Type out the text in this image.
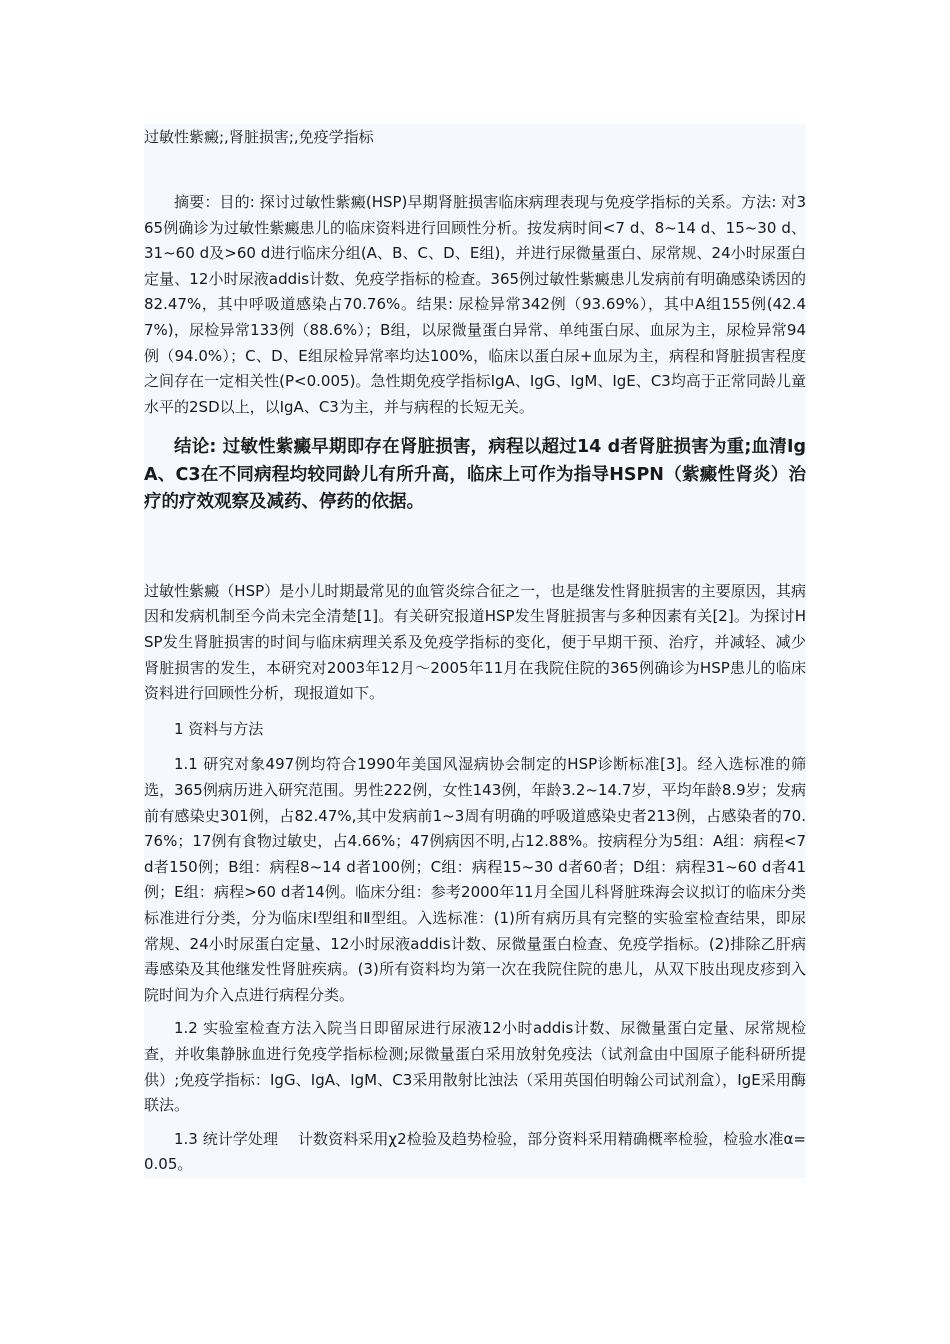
过敏性紫癜;,肾脏损害;,免疫学指标

摘要：目的: 探讨过敏性紫癜(HSP)早期肾脏损害临床病理表现与免疫学指标的关系。方法: 对365例确诊为过敏性紫癜患儿的临床资料进行回顾性分析。按发病时间<7 d、8~14 d、15~30 d、31~60 d及>60 d进行临床分组(A、B、C、D、E组)，并进行尿微量蛋白、尿常规、24小时尿蛋白定量、12小时尿液addis计数、免疫学指标的检查。365例过敏性紫癜患儿发病前有明确感染诱因的82.47%，其中呼吸道感染占70.76%。结果: 尿检异常342例（93.69%），其中A组155例(42.47%)，尿检异常133例（88.6%）；B组，以尿微量蛋白异常、单纯蛋白尿、血尿为主，尿检异常94例（94.0%）；C、D、E组尿检异常率均达100%，临床以蛋白尿+血尿为主，病程和肾脏损害程度之间存在一定相关性(P<0.005)。急性期免疫学指标IgA、IgG、IgM、IgE、C3均高于正常同龄儿童水平的2SD以上，以IgA、C3为主，并与病程的长短无关。

结论: 过敏性紫癜早期即存在肾脏损害，病程以超过14 d者肾脏损害为重;血清IgA、C3在不同病程均较同龄儿有所升高，临床上可作为指导HSPN（紫癜性肾炎）治疗的疗效观察及减药、停药的依据。

过敏性紫癜（HSP）是小儿时期最常见的血管炎综合征之一，也是继发性肾脏损害的主要原因，其病因和发病机制至今尚未完全清楚[1]。有关研究报道HSP发生肾脏损害与多种因素有关[2]。为探讨HSP发生肾脏损害的时间与临床病理关系及免疫学指标的变化，便于早期干预、治疗，并减轻、减少肾脏损害的发生，本研究对2003年12月～2005年11月在我院住院的365例确诊为HSP患儿的临床资料进行回顾性分析，现报道如下。

1 资料与方法

1.1 研究对象497例均符合1990年美国风湿病协会制定的HSP诊断标准[3]。经入选标准的筛选，365例病历进入研究范围。男性222例，女性143例，年龄3.2~14.7岁，平均年龄8.9岁；发病前有感染史301例，占82.47%,其中发病前1~3周有明确的呼吸道感染史者213例，占感染者的70.76%；17例有食物过敏史，占4.66%；47例病因不明,占12.88%。按病程分为5组：A组：病程<7 d者150例；B组：病程8~14 d者100例；C组：病程15~30 d者60者；D组：病程31~60 d者41例；E组：病程>60 d者14例。临床分组：参考2000年11月全国儿科肾脏珠海会议拟订的临床分类标准进行分类，分为临床Ⅰ型组和Ⅱ型组。入选标准：(1)所有病历具有完整的实验室检查结果，即尿常规、24小时尿蛋白定量、12小时尿液addis计数、尿微量蛋白检查、免疫学指标。(2)排除乙肝病毒感染及其他继发性肾脏疾病。(3)所有资料均为第一次在我院住院的患儿，从双下肢出现皮疹到入院时间为介入点进行病程分类。

1.2 实验室检查方法入院当日即留尿进行尿液12小时addis计数、尿微量蛋白定量、尿常规检查，并收集静脉血进行免疫学指标检测;尿微量蛋白采用放射免疫法（试剂盒由中国原子能科研所提供）;免疫学指标：IgG、IgA、IgM、C3采用散射比浊法（采用英国伯明翰公司试剂盒），IgE采用酶联法。

1.3 统计学处理　 计数资料采用χ2检验及趋势检验，部分资料采用精确概率检验，检验水准α=0.05。
